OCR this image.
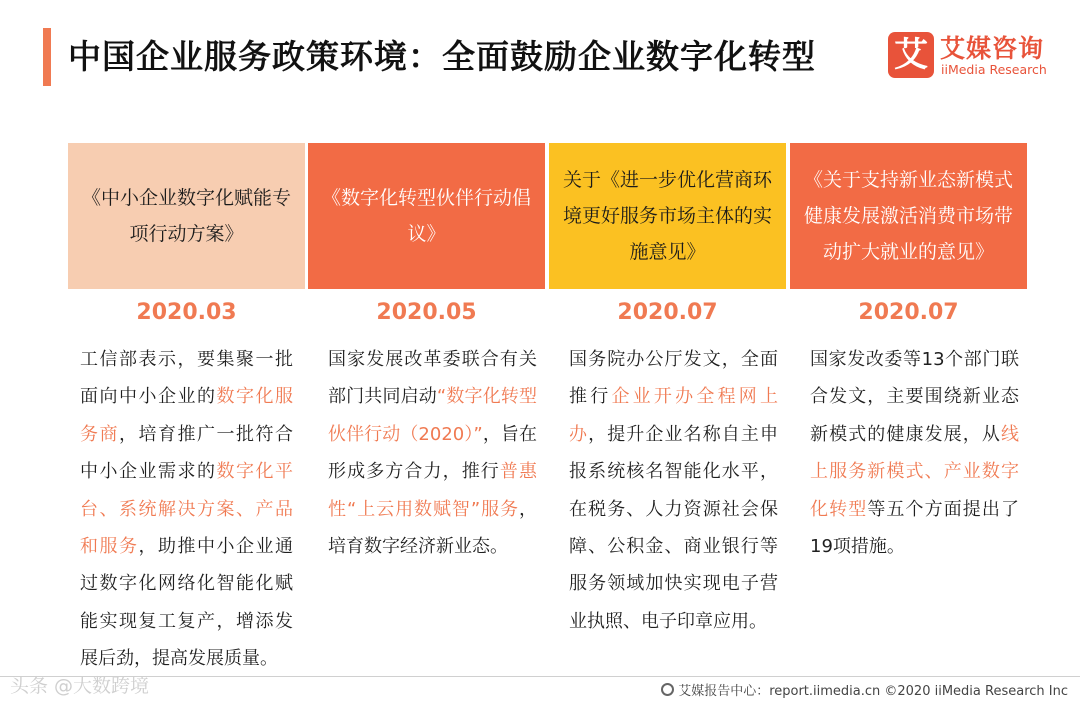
中国企业服务政策环境：全面鼓励企业数字化转型 艾 艾媒咨询
iiMedia Research
《中小企业数字化赋能专项行动方案》
2020.03
工信部表示，要集聚一批面向中小企业的数字化服务商，培育推广一批符合中小企业需求的数字化平台、系统解决方案、产品和服务，助推中小企业通过数字化网络化智能化赋能实现复工复产，增添发展后劲，提高发展质量。
《数字化转型伙伴行动倡议》
2020.05
国家发展改革委联合有关部门共同启动“数字化转型伙伴行动（2020）”，旨在形成多方合力，推行普惠性“上云用数赋智”服务，培育数字经济新业态。
关于《进一步优化营商环境更好服务市场主体的实施意见》
2020.07
国务院办公厅发文，全面推行企业开办全程网上办，提升企业名称自主申报系统核名智能化水平，在税务、人力资源社会保障、公积金、商业银行等服务领域加快实现电子营业执照、电子印章应用。
《关于支持新业态新模式健康发展激活消费市场带动扩大就业的意见》
2020.07
国家发改委等13个部门联合发文，主要围绕新业态新模式的健康发展，从线上服务新模式、产业数字化转型等五个方面提出了19项措施。
头条 @大数跨境	艾媒报告中心：report.iimedia.cn ©2020 iiMedia Research Inc
